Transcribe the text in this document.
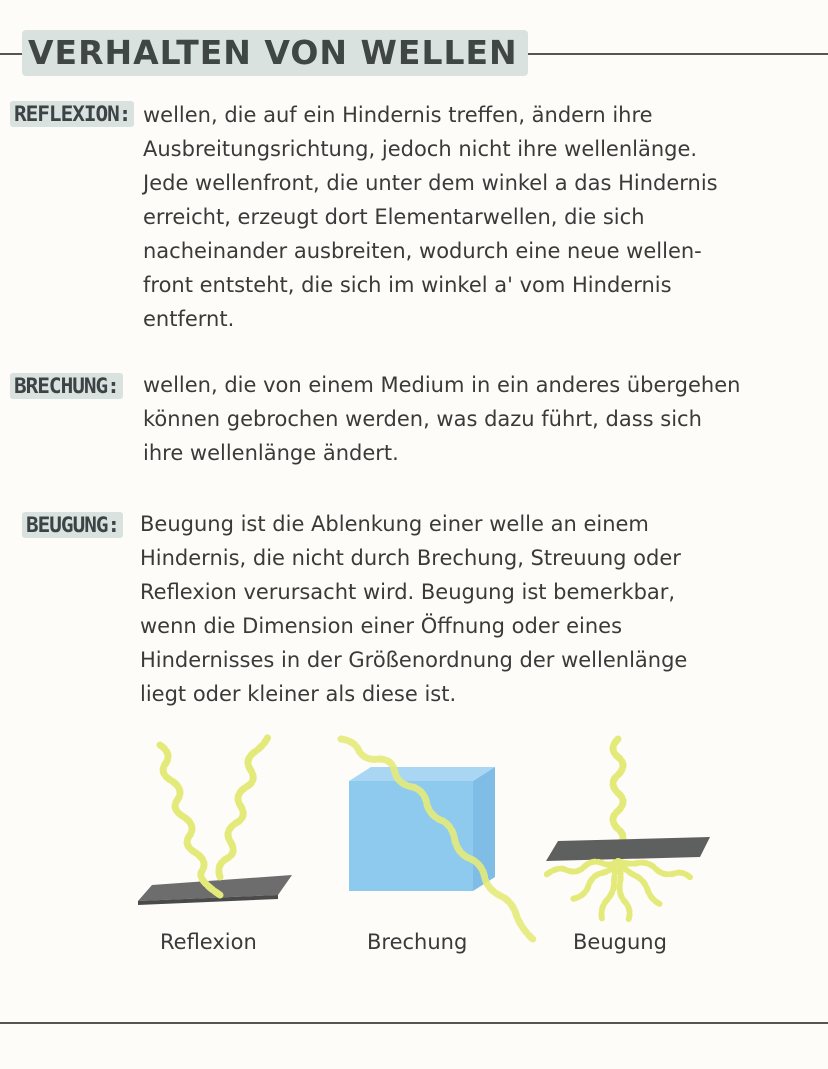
VERHALTEN VON WELLEN
REFLEXION: wellen, die auf ein Hindernis treffen, ändern ihre
Ausbreitungsrichtung, jedoch nicht ihre wellenlänge.
Jede wellenfront, die unter dem winkel a das Hindernis
erreicht, erzeugt dort Elementarwellen, die sich
nacheinander ausbreiten, wodurch eine neue wellen-
front entsteht, die sich im winkel a' vom Hindernis
entfernt.
BRECHUNG: wellen, die von einem Medium in ein anderes übergehen
können gebrochen werden, was dazu führt, dass sich
ihre wellenlänge ändert.
BEUGUNG: Beugung ist die Ablenkung einer welle an einem
Hindernis, die nicht durch Brechung, Streuung oder
Reflexion verursacht wird. Beugung ist bemerkbar,
wenn die Dimension einer Öffnung oder eines
Hindernisses in der Größenordnung der wellenlänge
liegt oder kleiner als diese ist.
Reflexion	Brechung	Beugung
